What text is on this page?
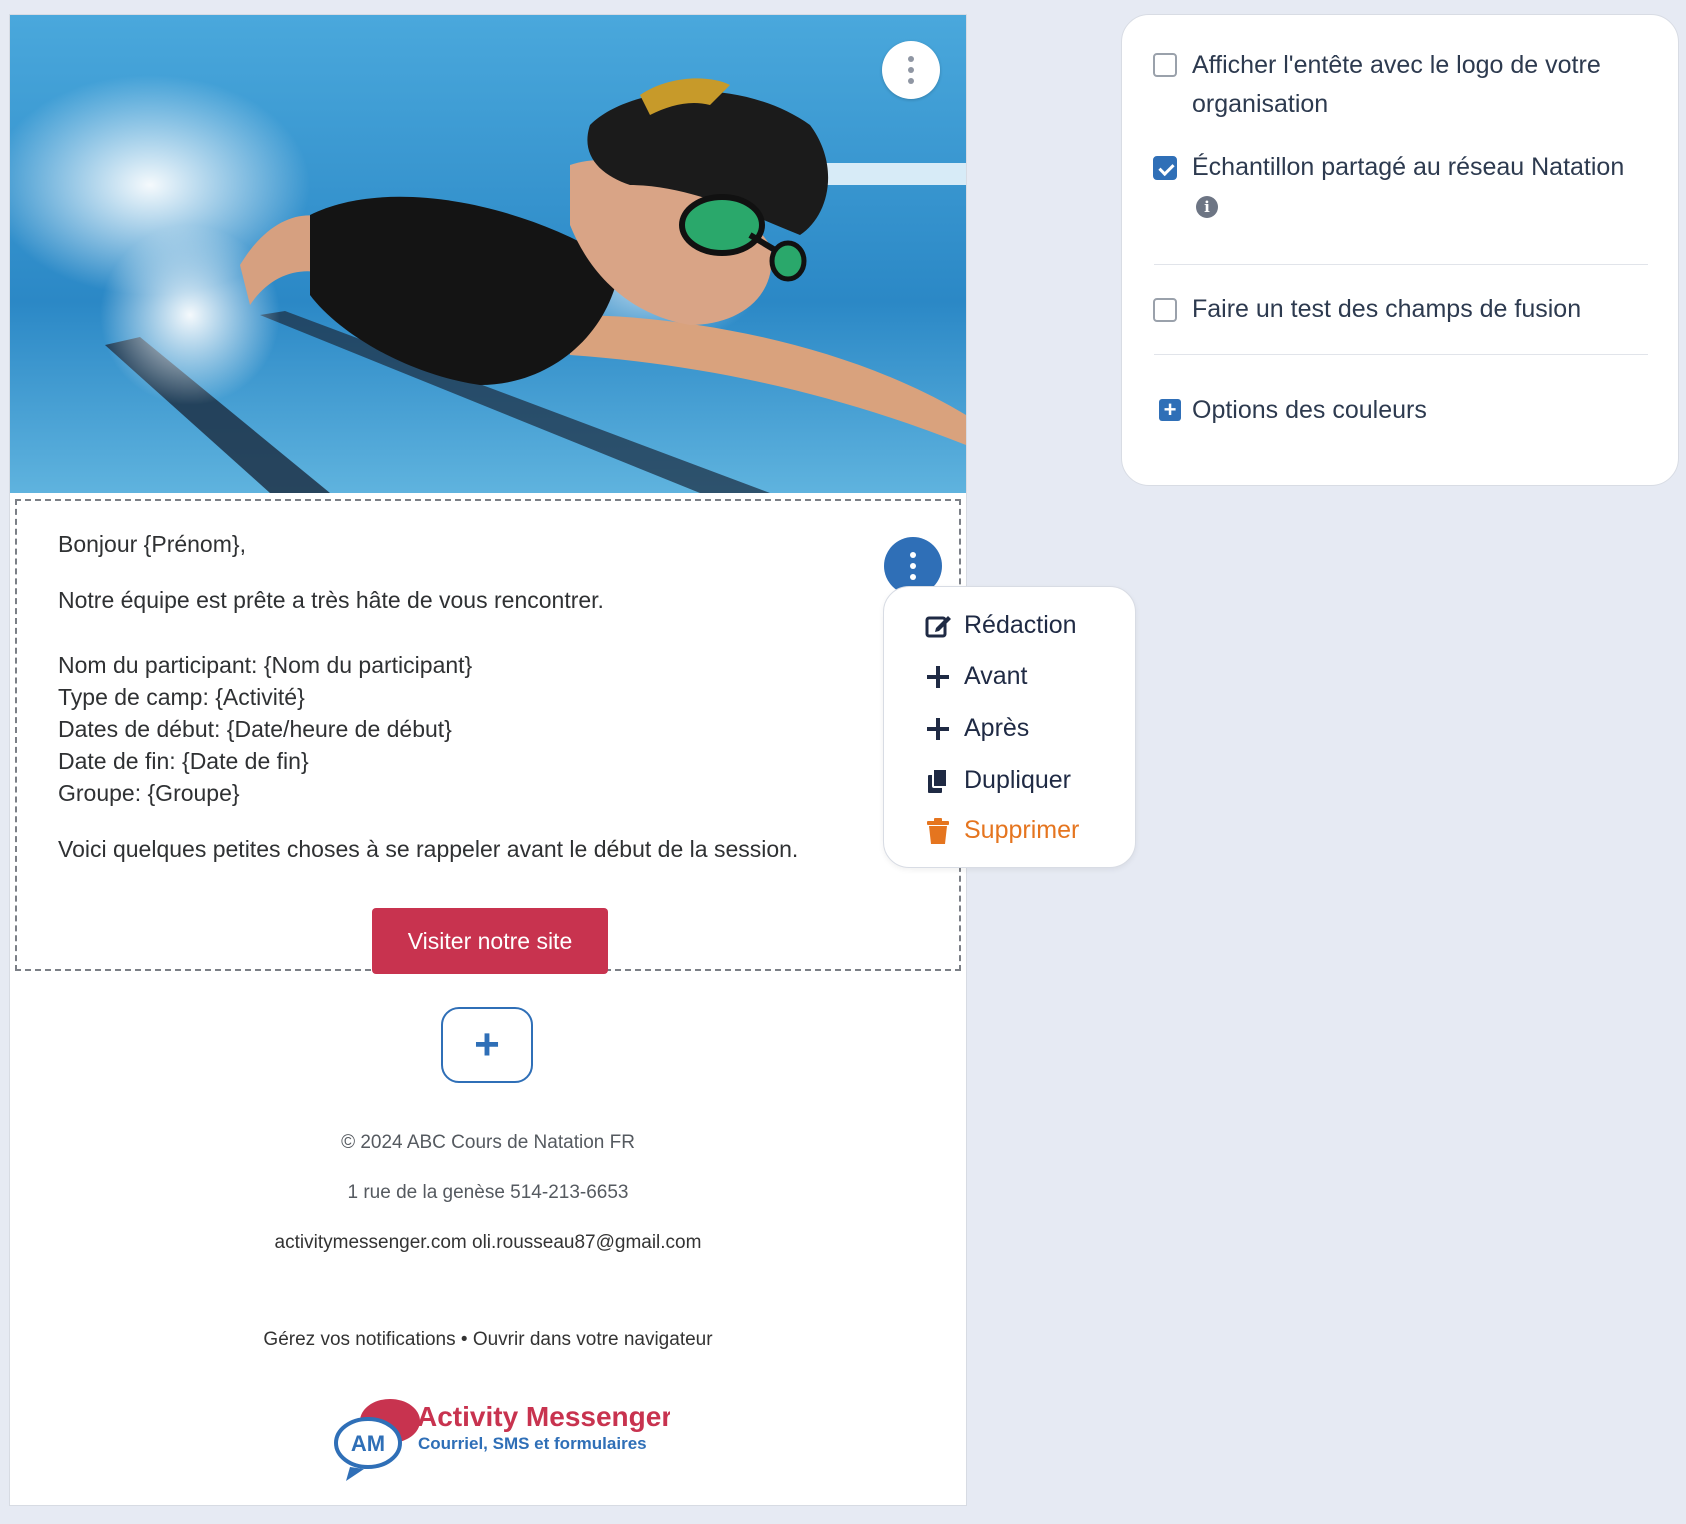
Bonjour {Prénom},

Notre équipe est prête a très hâte de vous rencontrer.

Nom du participant: {Nom du participant}

Type de camp: {Activité}

Dates de début: {Date/heure de début}

Date de fin: {Date de fin}

Groupe: {Groupe}

Voici quelques petites choses à se rappeler avant le début de la session.

Visiter notre site
+
© 2024 ABC Cours de Natation FR
1 rue de la genèse 514-213-6653
activitymessenger.com oli.rousseau87@gmail.com
Gérez vos notifications • Ouvrir dans votre navigateur
AM
Activity Messenger
Courriel, SMS et formulaires
Rédaction
Avant
Après
Dupliquer
Supprimer
Afficher l'entête avec le logo de votre
organisation
Échantillon partagé au réseau Natation
i
Faire un test des champs de fusion
+ Options des couleurs
